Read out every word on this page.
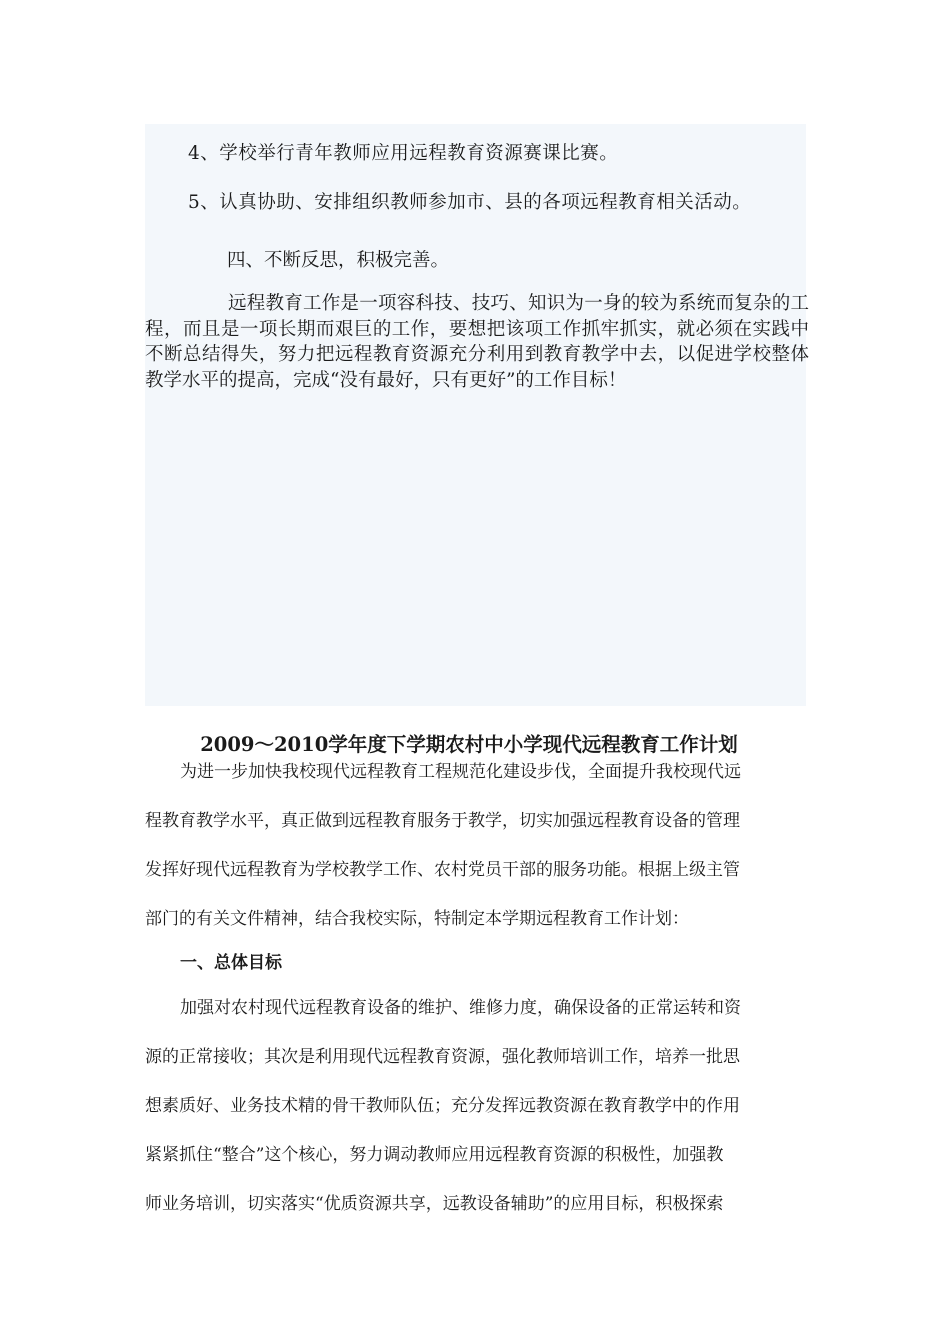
4、学校举行青年教师应用远程教育资源赛课比赛。
5、认真协助、安排组织教师参加市、县的各项远程教育相关活动。
四、不断反思，积极完善。
远程教育工作是一项容科技、技巧、知识为一身的较为系统而复杂的工程，而且是一项长期而艰巨的工作，要想把该项工作抓牢抓实，就必须在实践中不断总结得失，努力把远程教育资源充分利用到教育教学中去，以促进学校整体教学水平的提高，完成“没有最好，只有更好”的工作目标！
2009～2010学年度下学期农村中小学现代远程教育工作计划
为进一步加快我校现代远程教育工程规范化建设步伐，全面提升我校现代远
程教育教学水平，真正做到远程教育服务于教学，切实加强远程教育设备的管理
发挥好现代远程教育为学校教学工作、农村党员干部的服务功能。根据上级主管
部门的有关文件精神，结合我校实际，特制定本学期远程教育工作计划：
一、总体目标
加强对农村现代远程教育设备的维护、维修力度，确保设备的正常运转和资
源的正常接收；其次是利用现代远程教育资源，强化教师培训工作，培养一批思
想素质好、业务技术精的骨干教师队伍；充分发挥远教资源在教育教学中的作用
紧紧抓住“整合”这个核心，努力调动教师应用远程教育资源的积极性，加强教
师业务培训，切实落实“优质资源共享，远教设备辅助”的应用目标，积极探索
